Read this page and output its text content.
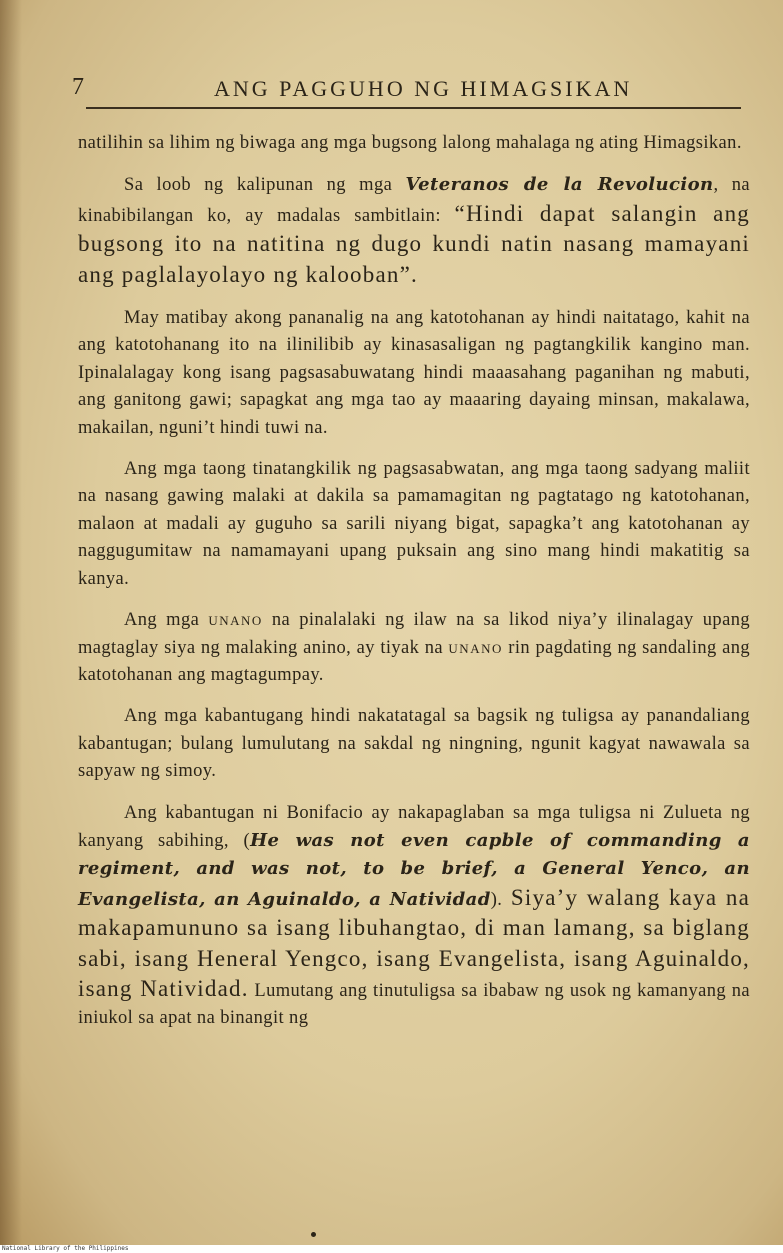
7	ANG PAGGUHO NG HIMAGSIKAN

natilihin sa lihim ng biwaga ang mga bugsong lalong mahalaga ng ating Himagsikan.

Sa loob ng kalipunan ng mga Veteranos de la Revolucion, na kinabibilangan ko, ay madalas sambitlain: “Hindi dapat salangin ang bugsong ito na natitina ng dugo kundi natin nasang mamayani ang paglalayolayo ng kalooban”.

May matibay akong pananalig na ang katotohanan ay hindi naitatago, kahit na ang katotohanang ito na ilinilibib ay kinasasaligan ng pagtangkilik kangino man. Ipinalalagay kong isang pagsasabuwatang hindi maaasahang paganihan ng mabuti, ang ganitong gawi; sapagkat ang mga tao ay maaaring dayaing minsan, makalawa, makailan, nguni’t hindi tuwi na.

Ang mga taong tinatangkilik ng pagsasabwatan, ang mga taong sadyang maliit na nasang gawing malaki at dakila sa pamamagitan ng pagtatago ng katotohanan, malaon at madali ay guguho sa sarili niyang bigat, sapagka’t ang katotohanan ay naggugumitaw na namamayani upang puksain ang sino mang hindi makatitig sa kanya.

Ang mga UNANO na pinalalaki ng ilaw na sa likod niya’y ilinalagay upang magtaglay siya ng malaking anino, ay tiyak na UNANO rin pagdating ng sandaling ang katotohanan ang magtagumpay.

Ang mga kabantugang hindi nakatatagal sa bagsik ng tuligsa ay panandaliang kabantugan; bulang lumulutang na sakdal ng ningning, ngunit kagyat nawawala sa sapyaw ng simoy.

Ang kabantugan ni Bonifacio ay nakapaglaban sa mga tuligsa ni Zulueta ng kanyang sabihing, (He was not even capble of commanding a regiment, and was not, to be brief, a General Yenco, an Evangelista, an Aguinaldo, a Natividad). Siya’y walang kaya na makapamununo sa isang libuhangtao, di man lamang, sa biglang sabi, isang Heneral Yengco, isang Evangelista, isang Aguinaldo, isang Natividad. Lumutang ang tinutuligsa sa ibabaw ng usok ng kamanyang na iniukol sa apat na binangit ng

National Library of the Philippines
